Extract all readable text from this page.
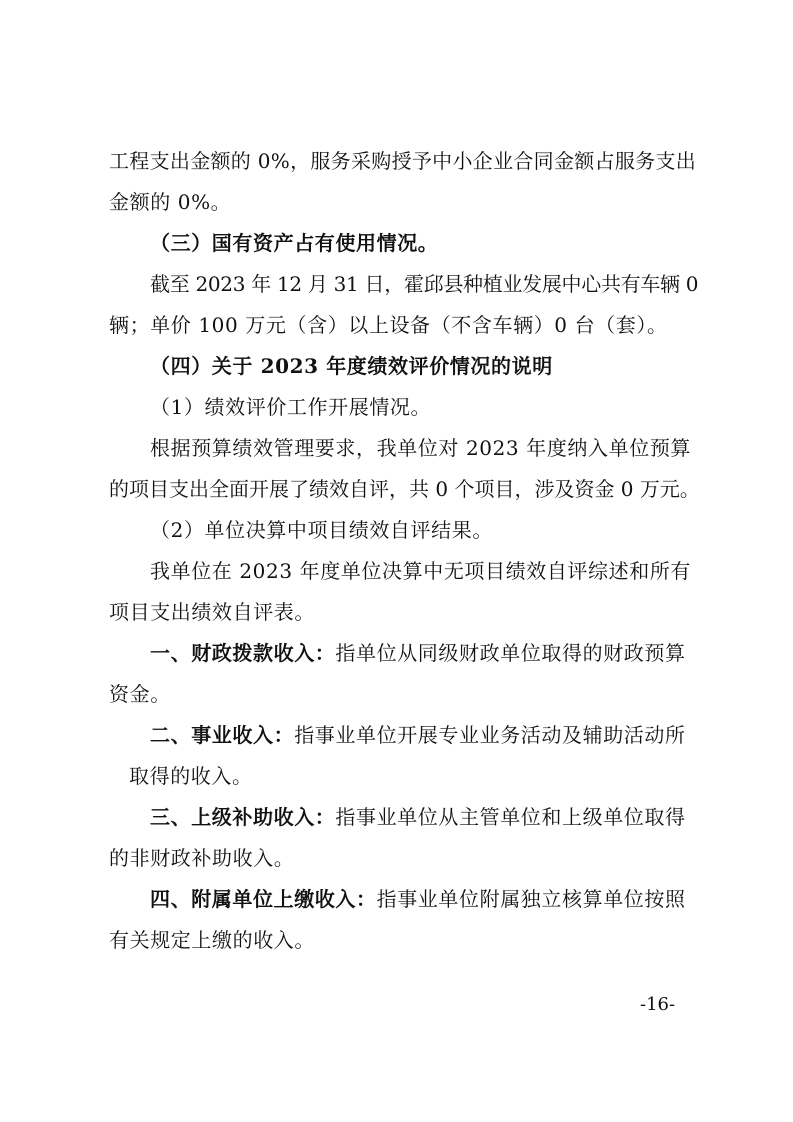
工程支出金额的 0%，服务采购授予中小企业合同金额占服务支出
金额的 0%。
（三）国有资产占有使用情况。
截至 2023 年 12 月 31 日，霍邱县种植业发展中心共有车辆 0
辆；单价 100 万元（含）以上设备（不含车辆）0 台（套）。
（四）关于 2023 年度绩效评价情况的说明
（1）绩效评价工作开展情况。
根据预算绩效管理要求，我单位对 2023 年度纳入单位预算
的项目支出全面开展了绩效自评，共 0 个项目，涉及资金 0 万元。
（2）单位决算中项目绩效自评结果。
我单位在 2023 年度单位决算中无项目绩效自评综述和所有
项目支出绩效自评表。
一、财政拨款收入：指单位从同级财政单位取得的财政预算
资金。
二、事业收入：指事业单位开展专业业务活动及辅助活动所
取得的收入。
三、上级补助收入：指事业单位从主管单位和上级单位取得
的非财政补助收入。
四、附属单位上缴收入：指事业单位附属独立核算单位按照
有关规定上缴的收入。
-16-
